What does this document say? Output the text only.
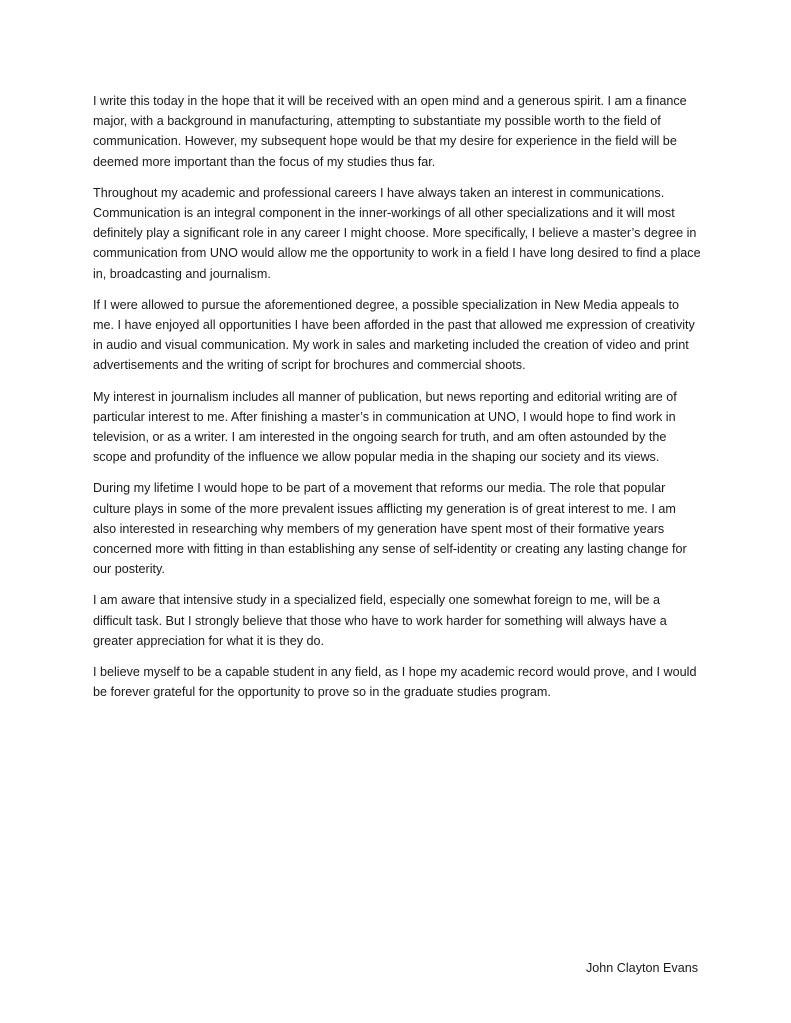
I write this today in the hope that it will be received with an open mind and a generous spirit. I am a finance major, with a background in manufacturing, attempting to substantiate my possible worth to the field of communication. However, my subsequent hope would be that my desire for experience in the field will be deemed more important than the focus of my studies thus far.

Throughout my academic and professional careers I have always taken an interest in communications. Communication is an integral component in the inner-workings of all other specializations and it will most definitely play a significant role in any career I might choose. More specifically, I believe a master’s degree in communication from UNO would allow me the opportunity to work in a field I have long desired to find a place in, broadcasting and journalism.

If I were allowed to pursue the aforementioned degree, a possible specialization in New Media appeals to me. I have enjoyed all opportunities I have been afforded in the past that allowed me expression of creativity in audio and visual communication. My work in sales and marketing included the creation of video and print advertisements and the writing of script for brochures and commercial shoots.

My interest in journalism includes all manner of publication, but news reporting and editorial writing are of particular interest to me. After finishing a master’s in communication at UNO, I would hope to find work in television, or as a writer. I am interested in the ongoing search for truth, and am often astounded by the scope and profundity of the influence we allow popular media in the shaping our society and its views.

During my lifetime I would hope to be part of a movement that reforms our media. The role that popular culture plays in some of the more prevalent issues afflicting my generation is of great interest to me. I am also interested in researching why members of my generation have spent most of their formative years concerned more with fitting in than establishing any sense of self-identity or creating any lasting change for our posterity.

I am aware that intensive study in a specialized field, especially one somewhat foreign to me, will be a difficult task. But I strongly believe that those who have to work harder for something will always have a greater appreciation for what it is they do.

I believe myself to be a capable student in any field, as I hope my academic record would prove, and I would be forever grateful for the opportunity to prove so in the graduate studies program.

John Clayton Evans
